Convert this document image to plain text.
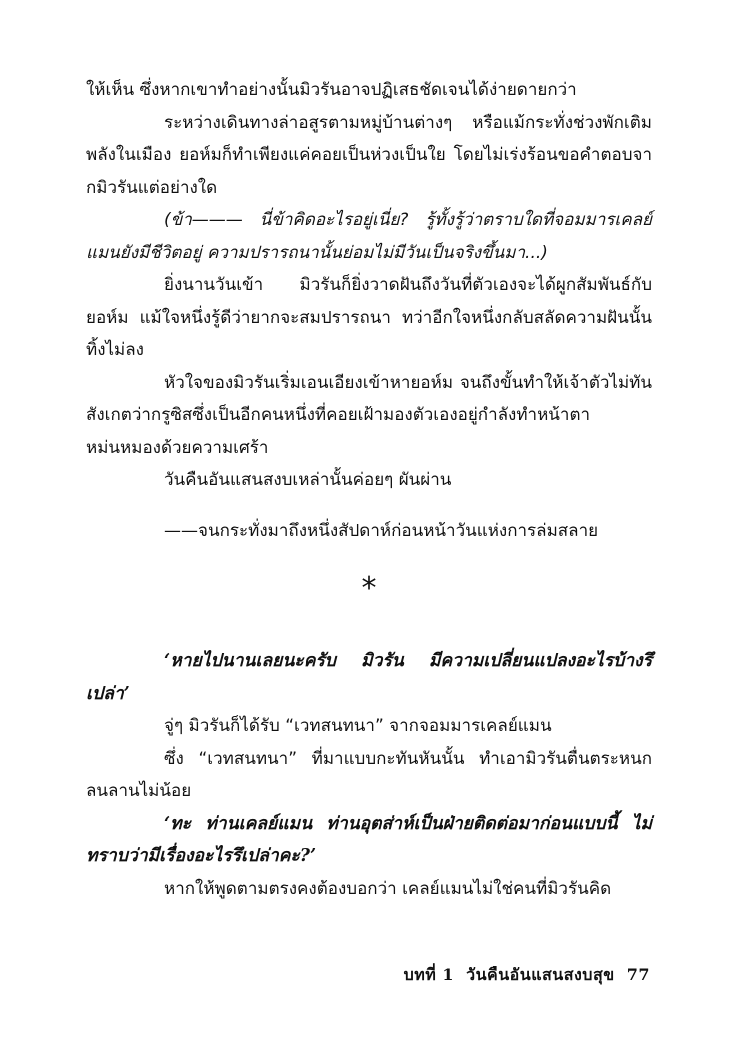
ให้เห็น ซึ่งหากเขาทำอย่างนั้นมิวรันอาจปฏิเสธชัดเจนได้ง่ายดายกว่า

ระหว่างเดินทางล่าอสูรตามหมู่บ้านต่างๆ หรือแม้กระทั่งช่วงพักเติมพลังในเมือง ยอห์มก็ทำเพียงแค่คอยเป็นห่วงเป็นใย โดยไม่เร่งร้อนขอคำตอบจากมิวรันแต่อย่างใด

(ข้า——— นี่ข้าคิดอะไรอยู่เนี่ย? รู้ทั้งรู้ว่าตราบใดที่จอมมารเคลย์แมนยังมีชีวิตอยู่ ความปรารถนานั้นย่อมไม่มีวันเป็นจริงขึ้นมา...)

ยิ่งนานวันเข้า มิวรันก็ยิ่งวาดฝันถึงวันที่ตัวเองจะได้ผูกสัมพันธ์กับยอห์ม แม้ใจหนึ่งรู้ดีว่ายากจะสมปรารถนา ทว่าอีกใจหนึ่งกลับสลัดความฝันนั้นทิ้งไม่ลง

หัวใจของมิวรันเริ่มเอนเอียงเข้าหายอห์ม จนถึงขั้นทำให้เจ้าตัวไม่ทันสังเกตว่ากรูซิสซึ่งเป็นอีกคนหนึ่งที่คอยเฝ้ามองตัวเองอยู่กำลังทำหน้าตาหม่นหมองด้วยความเศร้า

วันคืนอันแสนสงบเหล่านั้นค่อยๆ ผันผ่าน

——จนกระทั่งมาถึงหนึ่งสัปดาห์ก่อนหน้าวันแห่งการล่มสลาย

*

‘หายไปนานเลยนะครับ มิวรัน มีความเปลี่ยนแปลงอะไรบ้างรึเปล่า’

จู่ๆ มิวรันก็ได้รับ “เวทสนทนา” จากจอมมารเคลย์แมน

ซึ่ง “เวทสนทนา” ที่มาแบบกะทันหันนั้น ทำเอามิวรันตื่นตระหนกลนลานไม่น้อย

‘ทะ ท่านเคลย์แมน ท่านอุตส่าห์เป็นฝ่ายติดต่อมาก่อนแบบนี้ ไม่ทราบว่ามีเรื่องอะไรรึเปล่าคะ?’

หากให้พูดตามตรงคงต้องบอกว่า เคลย์แมนไม่ใช่คนที่มิวรันคิด

บทที่ 1 วันคืนอันแสนสงบสุข 77
